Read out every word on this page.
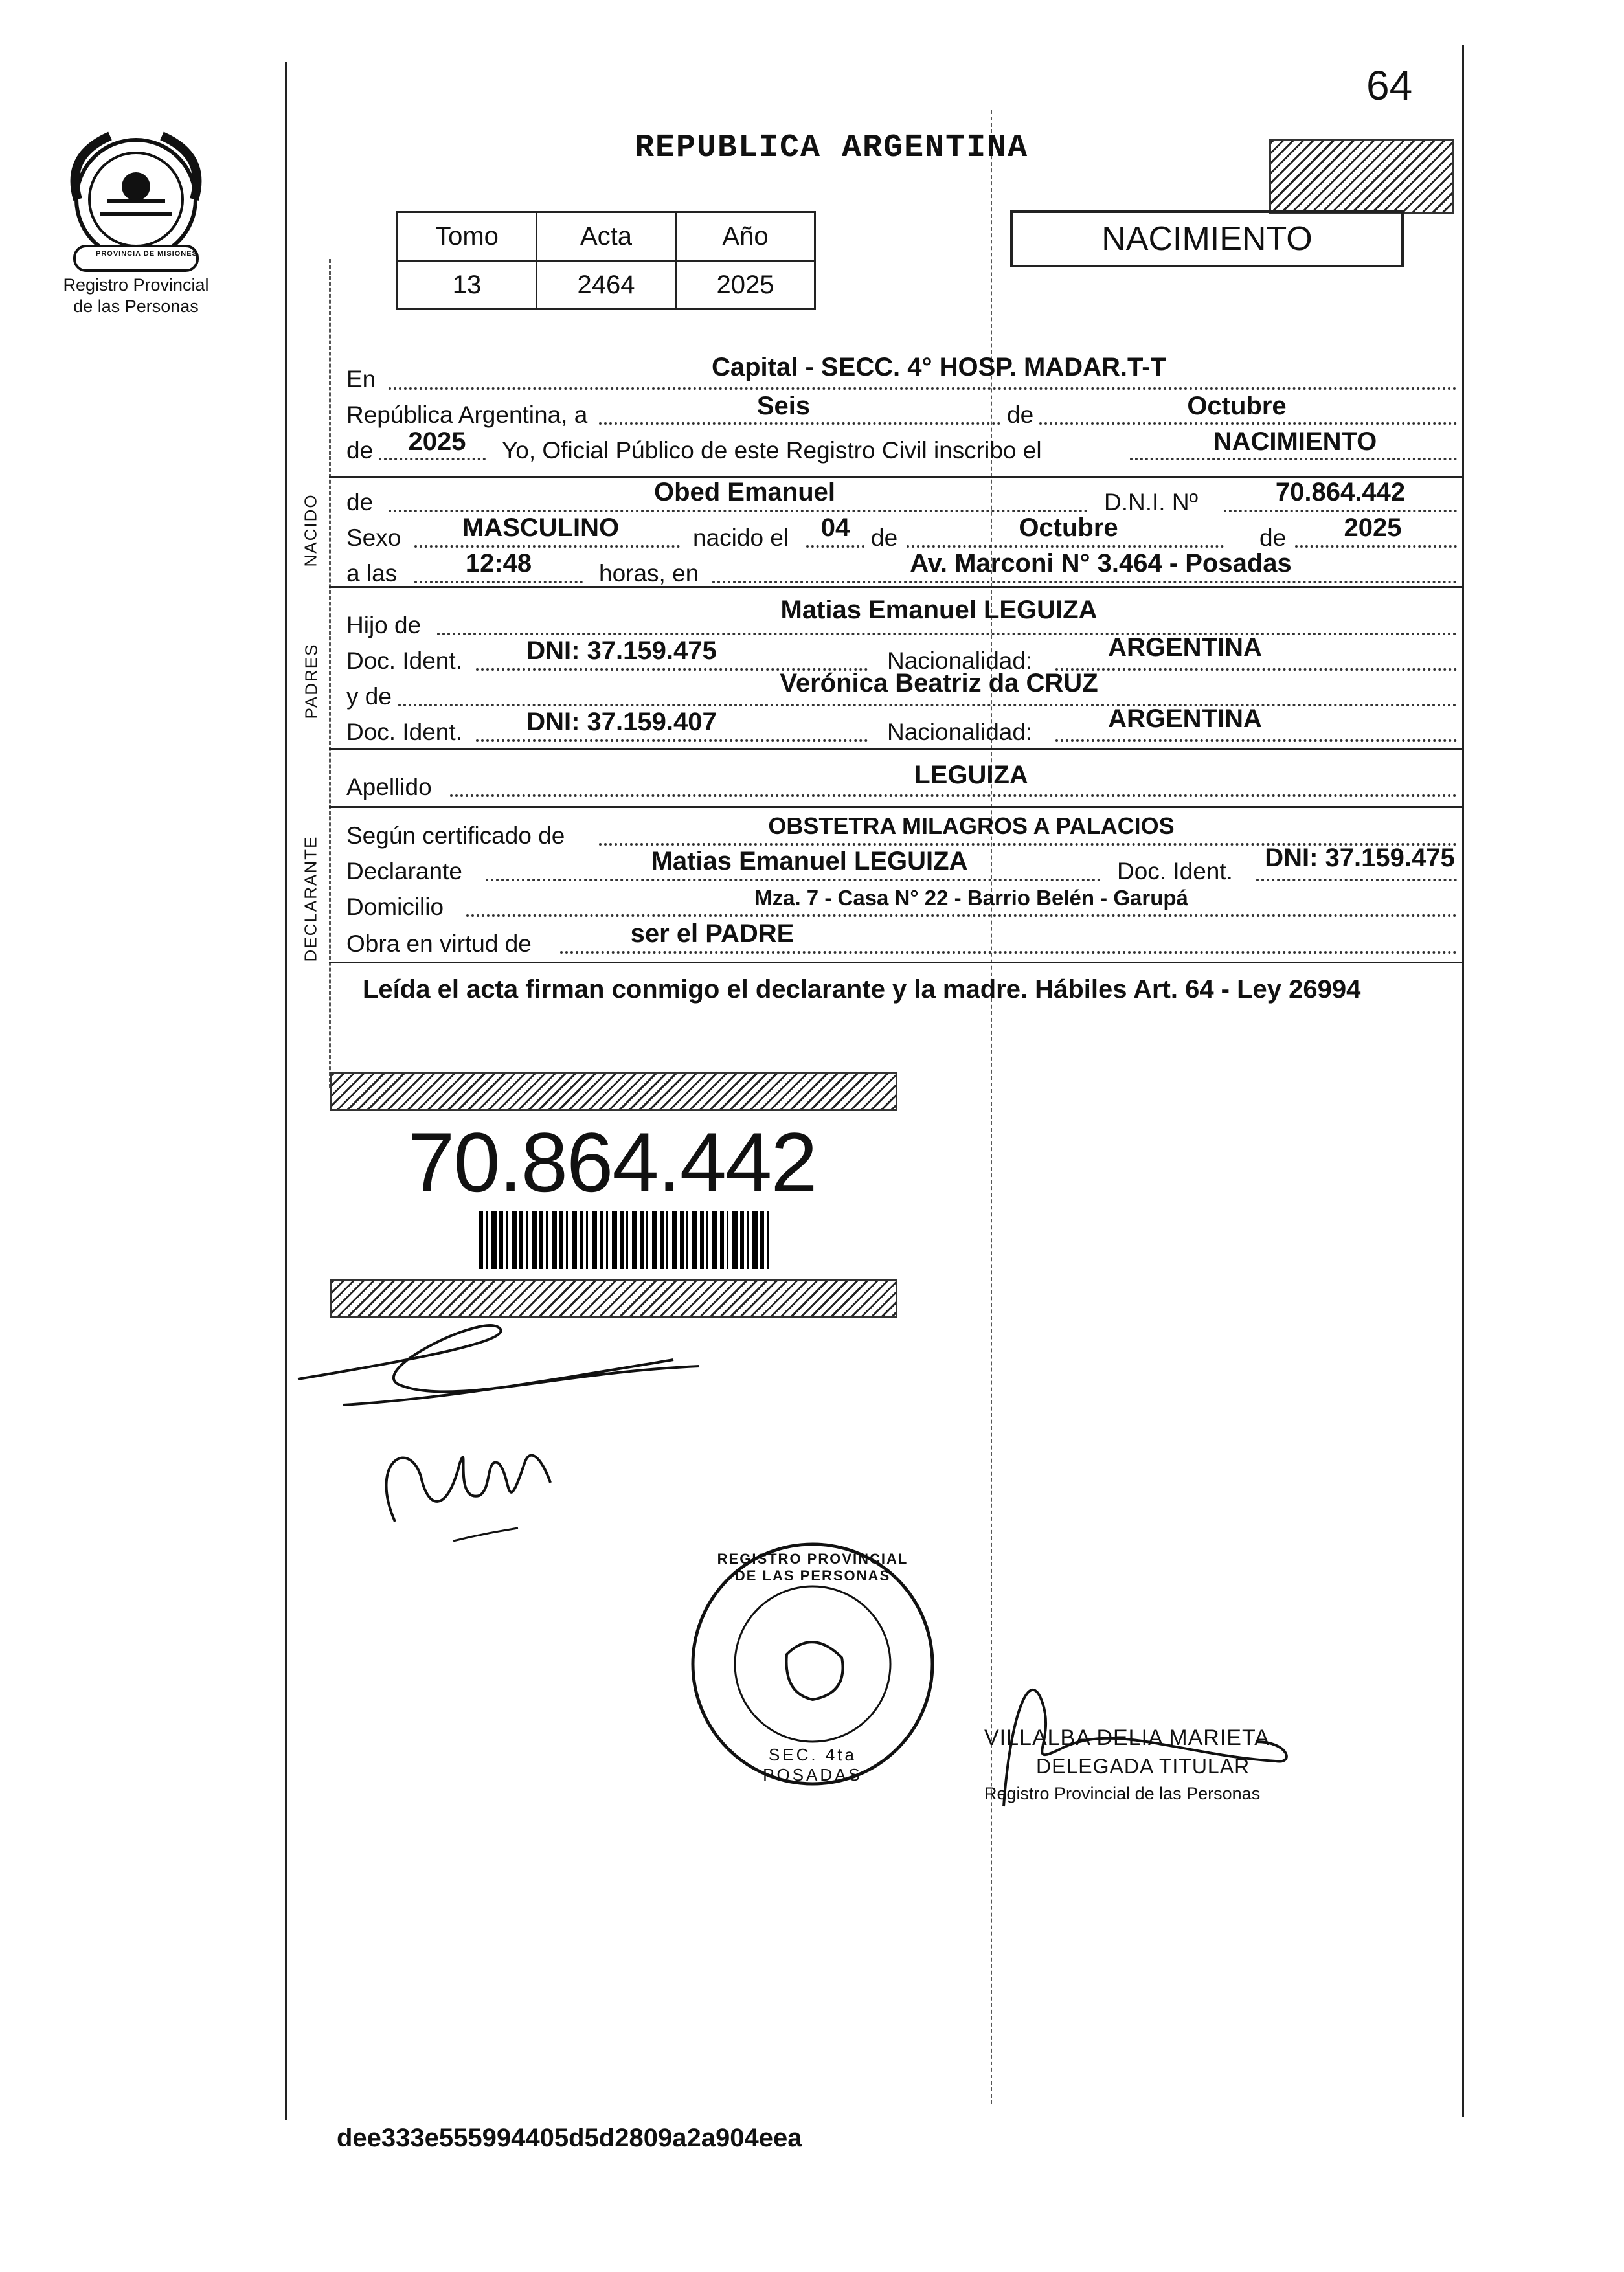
64
PROVINCIA DE MISIONES
Registro Provincial
de las Personas
REPUBLICA ARGENTINA
NACIMIENTO
Tomo	Acta	Año
13	2464	2025
NACIDO
PADRES
DECLARANTE
En	Capital - SECC. 4° HOSP. MADAR.T-T
República Argentina, a	Seis	de	Octubre
de	2025	Yo, Oficial Público de este Registro Civil inscribo el	NACIMIENTO
de	Obed Emanuel	D.N.I. Nº	70.864.442
Sexo	MASCULINO	nacido el	04 de	Octubre	de	2025
a las	12:48	horas, en	Av. Marconi N° 3.464 - Posadas
Hijo de
Matias Emanuel LEGUIZA
Doc. Ident.	DNI: 37.159.475	Nacionalidad:	ARGENTINA
y de	Verónica Beatriz da CRUZ
Doc. Ident.	DNI: 37.159.407	Nacionalidad:	ARGENTINA
Apellido	LEGUIZA
Según certificado de	OBSTETRA MILAGROS A PALACIOS
Declarante	Matias Emanuel LEGUIZA	Doc. Ident.	DNI: 37.159.475
Domicilio	Mza. 7 - Casa N° 22 - Barrio Belén - Garupá
Obra en virtud de	ser el PADRE
Leída el acta firman conmigo el declarante y la madre. Hábiles Art. 64 - Ley 26994
70.864.442
REGISTRO PROVINCIAL DE LAS PERSONAS
SEC. 4ta POSADAS
VILLALBA DELIA MARIETA
DELEGADA TITULAR
Registro Provincial de las Personas
dee333e555994405d5d2809a2a904eea
